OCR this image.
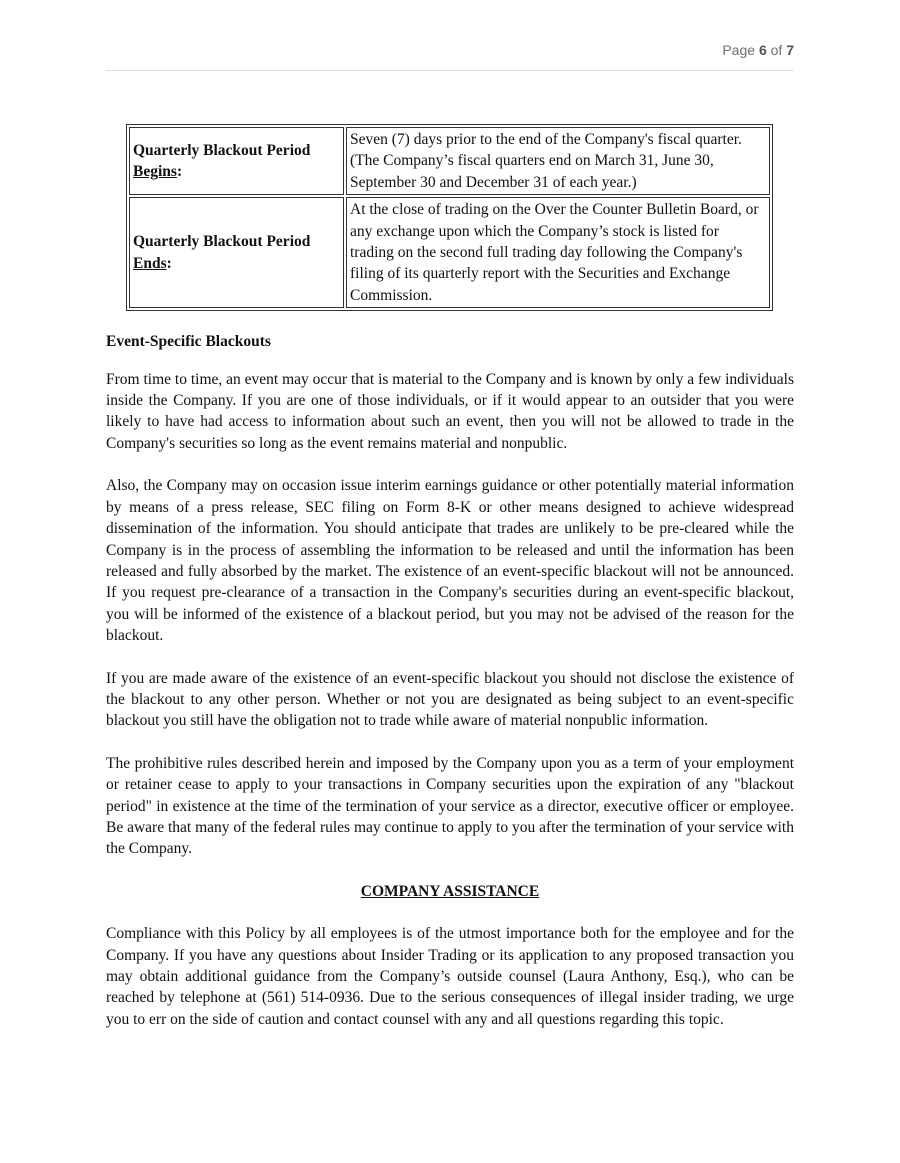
Page 6 of 7
Quarterly Blackout Period Begins:	Seven (7) days prior to the end of the Company's fiscal quarter. (The Company’s fiscal quarters end on March 31, June 30, September 30 and December 31 of each year.)
Quarterly Blackout Period Ends:	At the close of trading on the Over the Counter Bulletin Board, or any exchange upon which the Company’s stock is listed for trading on the second full trading day following the Company's filing of its quarterly report with the Securities and Exchange Commission.
Event-Specific Blackouts

From time to time, an event may occur that is material to the Company and is known by only a few individuals inside the Company. If you are one of those individuals, or if it would appear to an outsider that you were likely to have had access to information about such an event, then you will not be allowed to trade in the Company's securities so long as the event remains material and nonpublic.

Also, the Company may on occasion issue interim earnings guidance or other potentially material information by means of a press release, SEC filing on Form 8-K or other means designed to achieve widespread dissemination of the information. You should anticipate that trades are unlikely to be pre-cleared while the Company is in the process of assembling the information to be released and until the information has been released and fully absorbed by the market. The existence of an event-specific blackout will not be announced. If you request pre-clearance of a transaction in the Company's securities during an event-specific blackout, you will be informed of the existence of a blackout period, but you may not be advised of the reason for the blackout.

If you are made aware of the existence of an event-specific blackout you should not disclose the existence of the blackout to any other person. Whether or not you are designated as being subject to an event-specific blackout you still have the obligation not to trade while aware of material nonpublic information.

The prohibitive rules described herein and imposed by the Company upon you as a term of your employment or retainer cease to apply to your transactions in Company securities upon the expiration of any "blackout period" in existence at the time of the termination of your service as a director, executive officer or employee. Be aware that many of the federal rules may continue to apply to you after the termination of your service with the Company.

COMPANY ASSISTANCE

Compliance with this Policy by all employees is of the utmost importance both for the employee and for the Company. If you have any questions about Insider Trading or its application to any proposed transaction you may obtain additional guidance from the Company’s outside counsel (Laura Anthony, Esq.), who can be reached by telephone at (561) 514-0936. Due to the serious consequences of illegal insider trading, we urge you to err on the side of caution and contact counsel with any and all questions regarding this topic.
